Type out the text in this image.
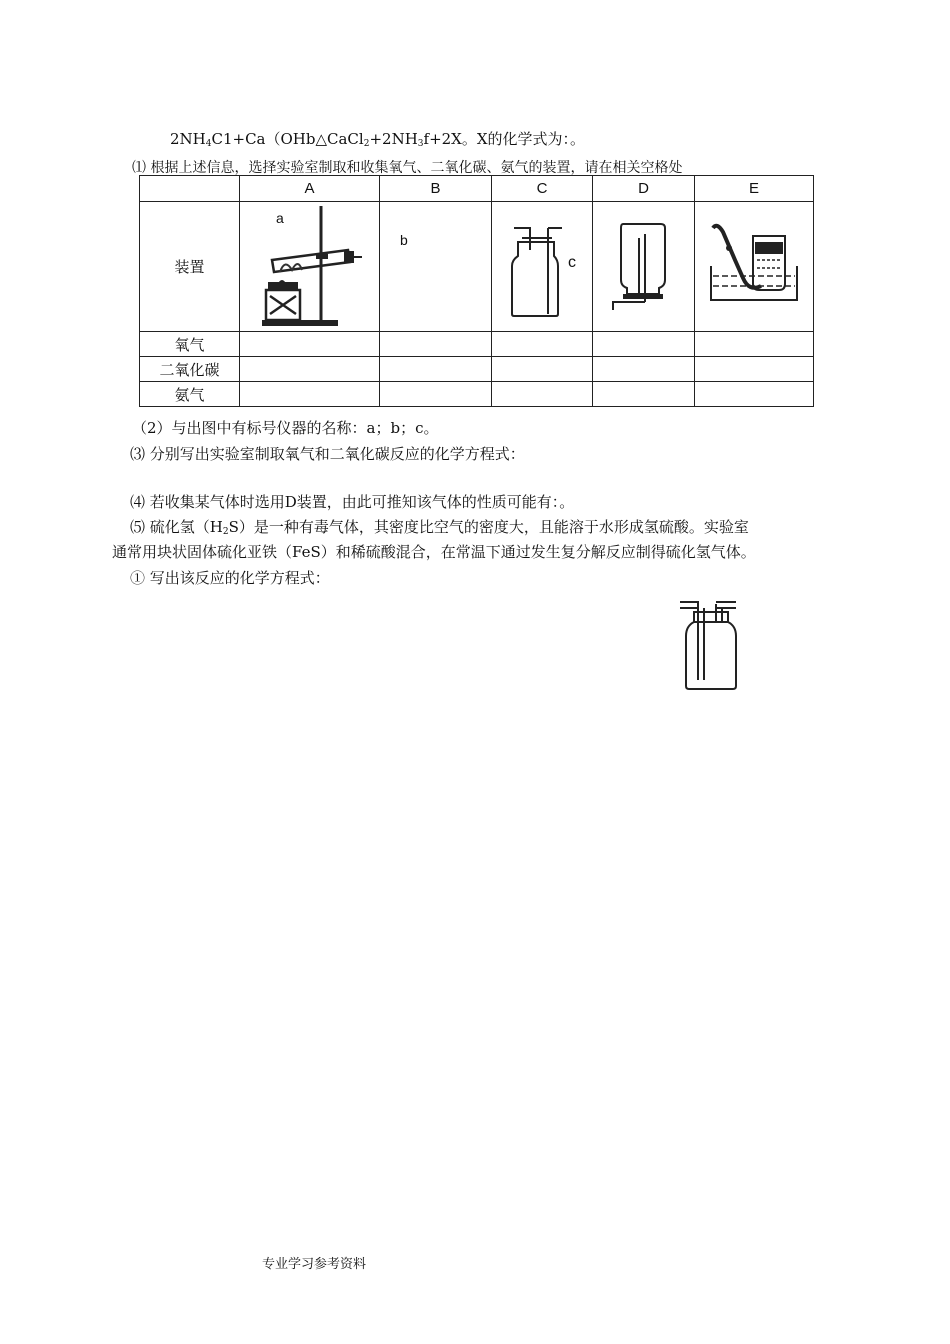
$2NH_4C1+Ca(OHb\triangle CaCl_2+2NH_3f+2X$。X的化学式为：。
⑴ 根据上述信息，选择实验室制取和收集氧气、二氧化碳、氨气的装置，请在相关空格处
	A	B	C	D	E
装置	a	b	c

氧气					
二氧化碳					
氨气					
（2）与出图中有标号仪器的名称：a；b；c。
⑶ 分别写出实验室制取氧气和二氧化碳反应的化学方程式：
⑷ 若收集某气体时选用D装置，由此可推知该气体的性质可能有：。
⑸ 硫化氢$(H_2S)$是一种有毒气体，其密度比空气的密度大，且能溶于水形成氢硫酸。实验室
通常用块状固体硫化亚铁（FeS）和稀硫酸混合，在常温下通过发生复分解反应制得硫化氢气体。
① 写出该反应的化学方程式：
专业学习参考资料
